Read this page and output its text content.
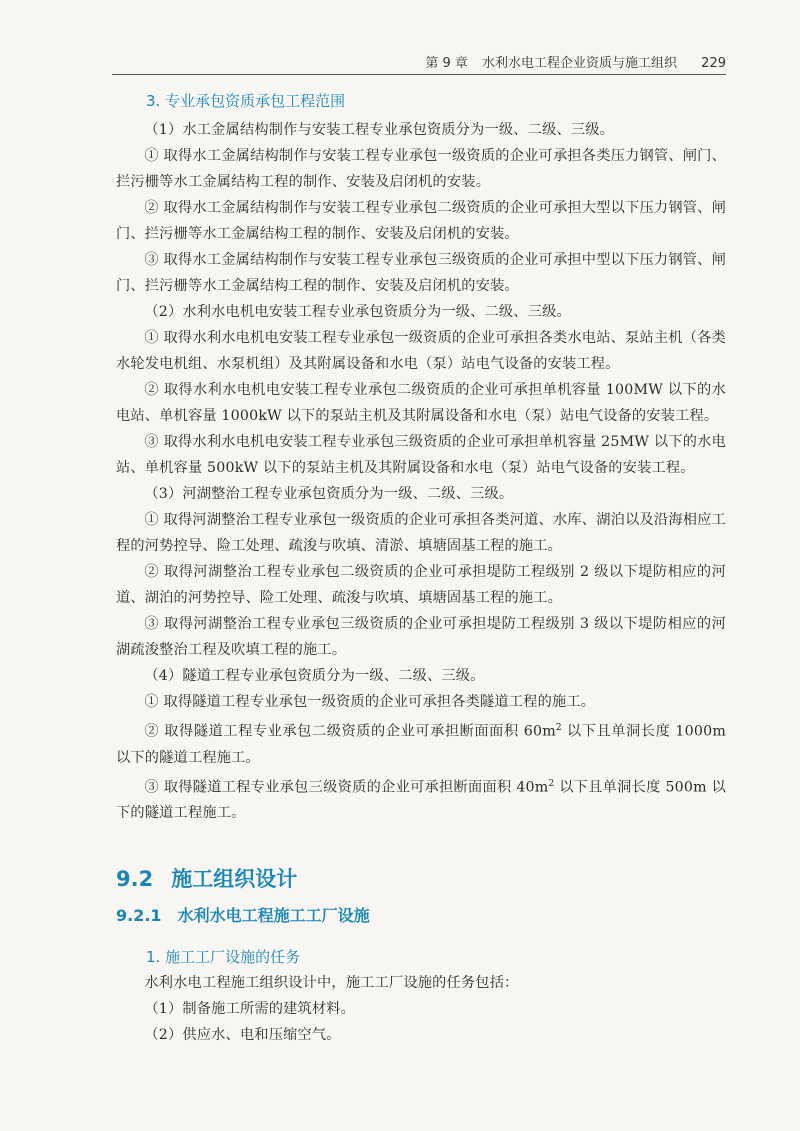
第 9 章 水利水电工程企业资质与施工组织 229
3. 专业承包资质承包工程范围

（1）水工金属结构制作与安装工程专业承包资质分为一级、二级、三级。

① 取得水工金属结构制作与安装工程专业承包一级资质的企业可承担各类压力钢管、闸门、拦污栅等水工金属结构工程的制作、安装及启闭机的安装。

② 取得水工金属结构制作与安装工程专业承包二级资质的企业可承担大型以下压力钢管、闸门、拦污栅等水工金属结构工程的制作、安装及启闭机的安装。

③ 取得水工金属结构制作与安装工程专业承包三级资质的企业可承担中型以下压力钢管、闸门、拦污栅等水工金属结构工程的制作、安装及启闭机的安装。

（2）水利水电机电安装工程专业承包资质分为一级、二级、三级。

① 取得水利水电机电安装工程专业承包一级资质的企业可承担各类水电站、泵站主机（各类水轮发电机组、水泵机组）及其附属设备和水电（泵）站电气设备的安装工程。

② 取得水利水电机电安装工程专业承包二级资质的企业可承担单机容量 100MW 以下的水电站、单机容量 1000kW 以下的泵站主机及其附属设备和水电（泵）站电气设备的安装工程。

③ 取得水利水电机电安装工程专业承包三级资质的企业可承担单机容量 25MW 以下的水电站、单机容量 500kW 以下的泵站主机及其附属设备和水电（泵）站电气设备的安装工程。

（3）河湖整治工程专业承包资质分为一级、二级、三级。

① 取得河湖整治工程专业承包一级资质的企业可承担各类河道、水库、湖泊以及沿海相应工程的河势控导、险工处理、疏浚与吹填、清淤、填塘固基工程的施工。

② 取得河湖整治工程专业承包二级资质的企业可承担堤防工程级别 2 级以下堤防相应的河道、湖泊的河势控导、险工处理、疏浚与吹填、填塘固基工程的施工。

③ 取得河湖整治工程专业承包三级资质的企业可承担堤防工程级别 3 级以下堤防相应的河湖疏浚整治工程及吹填工程的施工。

（4）隧道工程专业承包资质分为一级、二级、三级。

① 取得隧道工程专业承包一级资质的企业可承担各类隧道工程的施工。

② 取得隧道工程专业承包二级资质的企业可承担断面面积 $60m^2$ 以下且单洞长度 1000m 以下的隧道工程施工。

③ 取得隧道工程专业承包三级资质的企业可承担断面面积 $40m^2$ 以下且单洞长度 500m 以下的隧道工程施工。

9.2 施工组织设计
9.2.1 水利水电工程施工工厂设施
1. 施工工厂设施的任务

水利水电工程施工组织设计中，施工工厂设施的任务包括：

（1）制备施工所需的建筑材料。

（2）供应水、电和压缩空气。
